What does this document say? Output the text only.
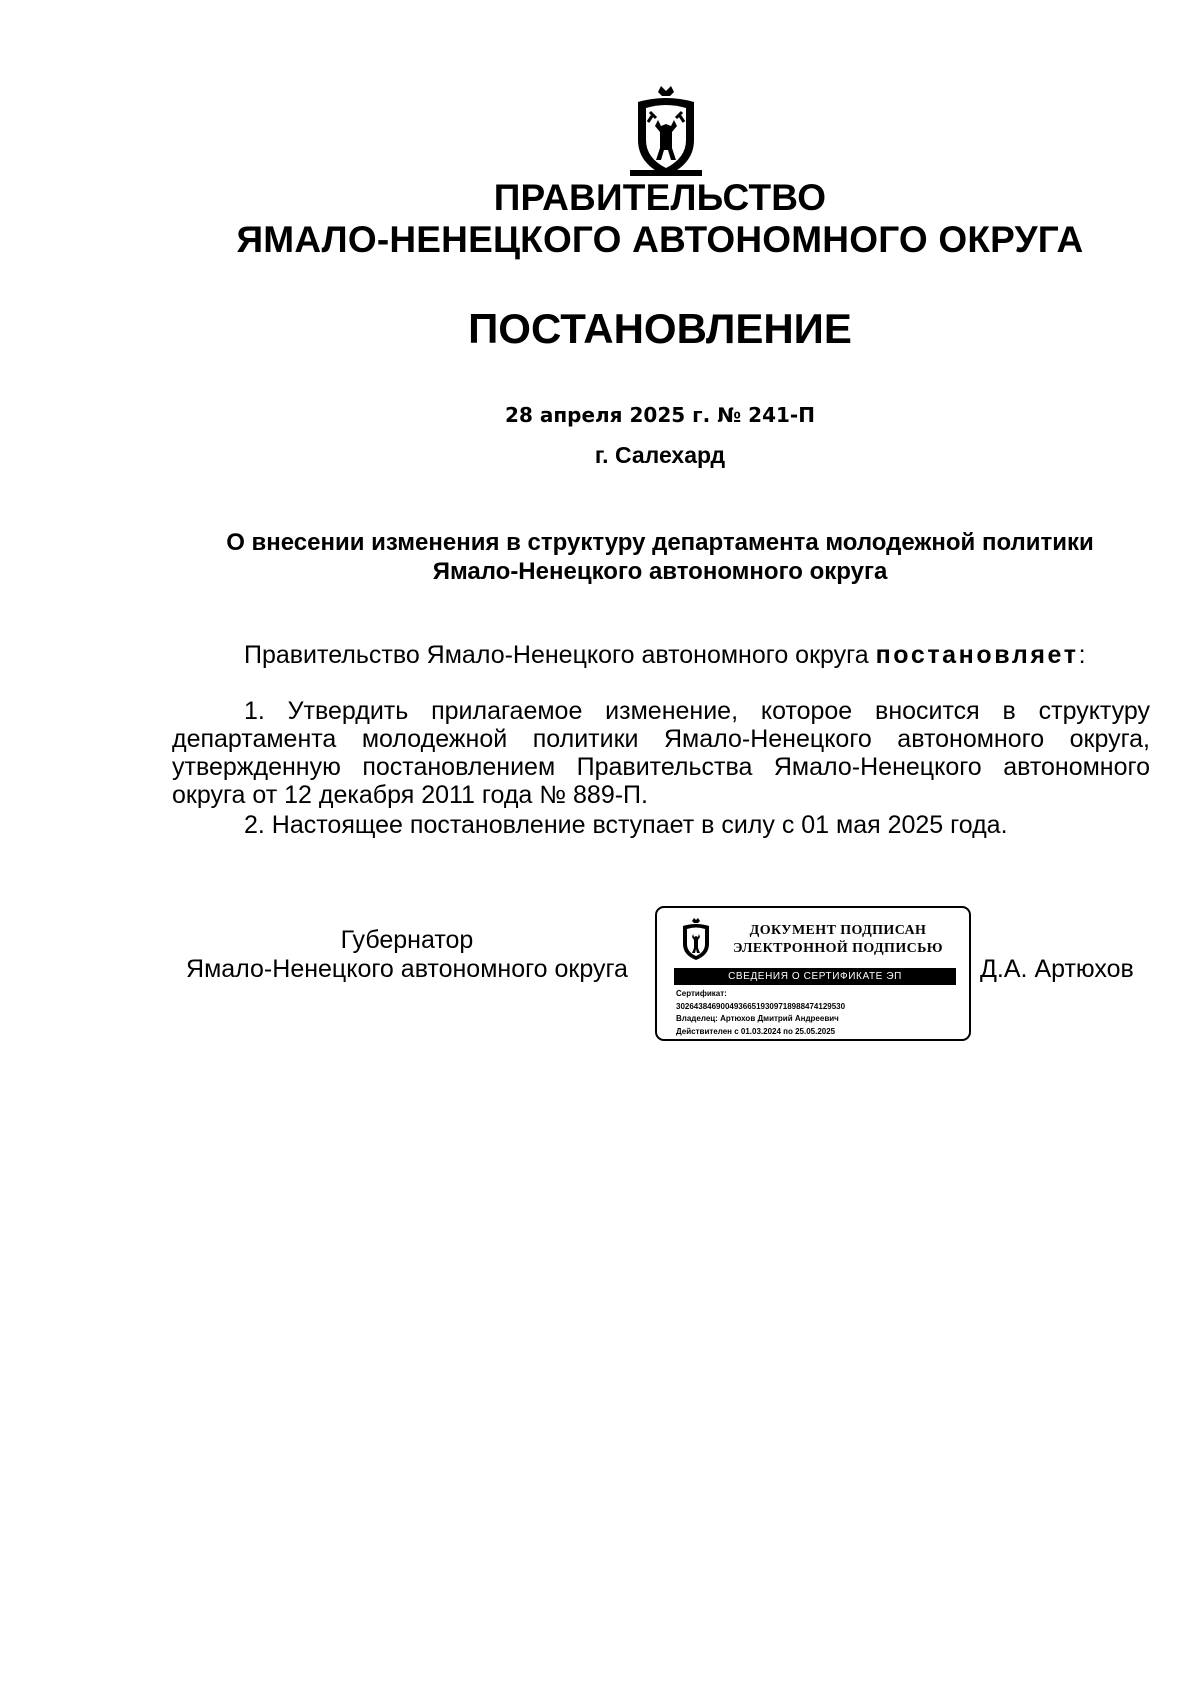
ПРАВИТЕЛЬСТВО
ЯМАЛО-НЕНЕЦКОГО АВТОНОМНОГО ОКРУГА
ПОСТАНОВЛЕНИЕ
28 апреля 2025 г. № 241-П
г. Салехард
О внесении изменения в структуру департамента молодежной политики
Ямало-Ненецкого автономного округа
Правительство Ямало-Ненецкого автономного округа постановляет:
1. Утвердить прилагаемое изменение, которое вносится в структуру департамента молодежной политики Ямало-Ненецкого автономного округа, утвержденную постановлением Правительства Ямало-Ненецкого автономного округа от 12 декабря 2011 года № 889-П.
2. Настоящее постановление вступает в силу с 01 мая 2025 года.
Губернатор
Ямало-Ненецкого автономного округа
ДОКУМЕНТ ПОДПИСАН
ЭЛЕКТРОННОЙ ПОДПИСЬЮ
СВЕДЕНИЯ О СЕРТИФИКАТЕ ЭП
Сертификат:
30264384690049366519309718988474129530
Владелец: Артюхов Дмитрий Андреевич
Действителен с 01.03.2024 по 25.05.2025
Д.А. Артюхов
